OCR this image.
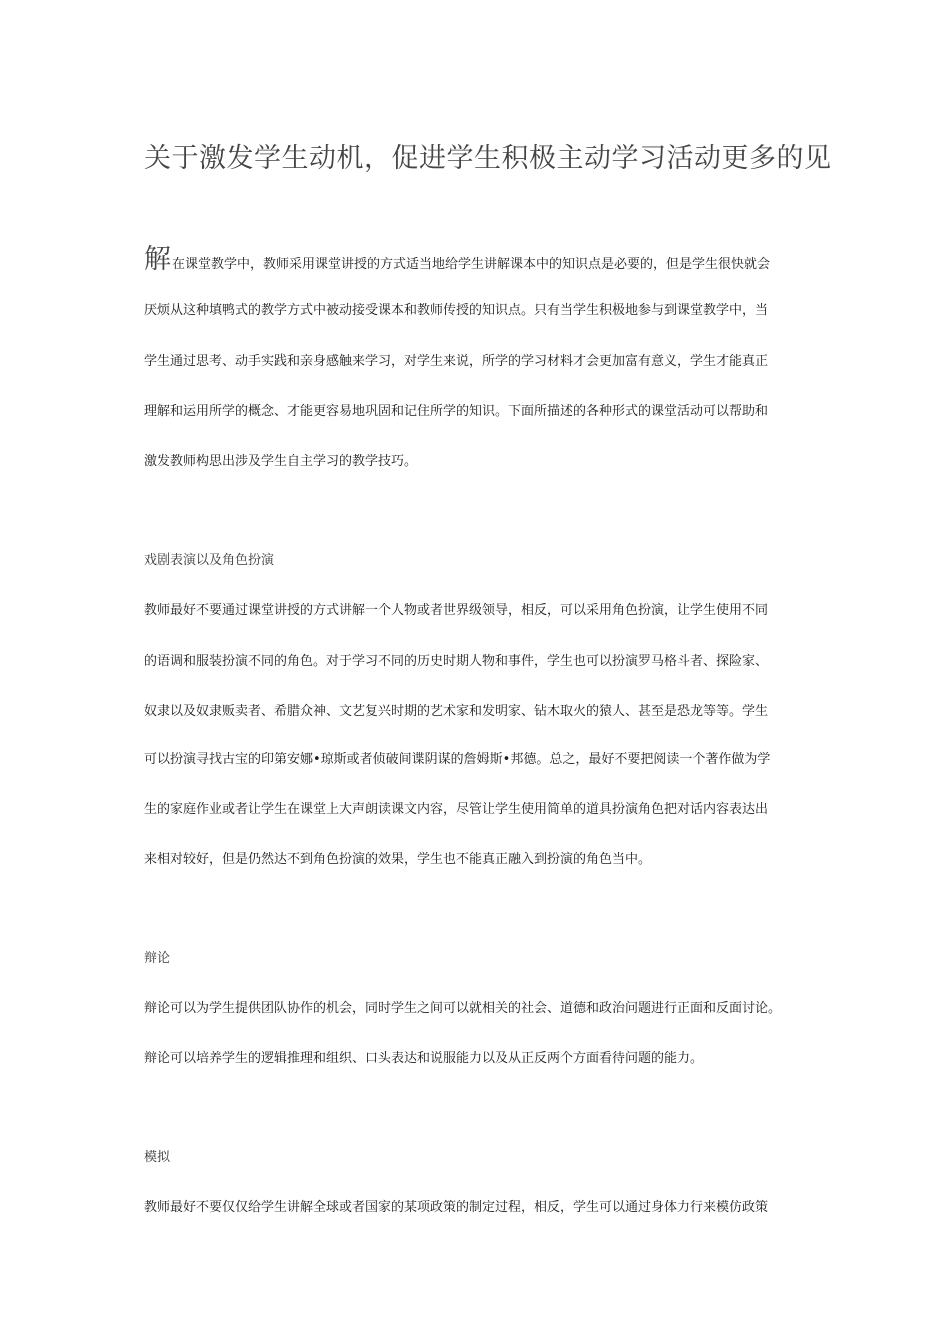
关于激发学生动机，促进学生积极主动学习活动更多的见
解在课堂教学中，教师采用课堂讲授的方式适当地给学生讲解课本中的知识点是必要的，但是学生很快就会
厌烦从这种填鸭式的教学方式中被动接受课本和教师传授的知识点。只有当学生积极地参与到课堂教学中，当
学生通过思考、动手实践和亲身感触来学习，对学生来说，所学的学习材料才会更加富有意义，学生才能真正
理解和运用所学的概念、才能更容易地巩固和记住所学的知识。下面所描述的各种形式的课堂活动可以帮助和
激发教师构思出涉及学生自主学习的教学技巧。
戏剧表演以及角色扮演
教师最好不要通过课堂讲授的方式讲解一个人物或者世界级领导，相反，可以采用角色扮演，让学生使用不同
的语调和服装扮演不同的角色。对于学习不同的历史时期人物和事件，学生也可以扮演罗马格斗者、探险家、
奴隶以及奴隶贩卖者、希腊众神、文艺复兴时期的艺术家和发明家、钻木取火的猿人、甚至是恐龙等等。学生
可以扮演寻找古宝的印第安娜•琼斯或者侦破间谍阴谋的詹姆斯•邦德。总之，最好不要把阅读一个著作做为学
生的家庭作业或者让学生在课堂上大声朗读课文内容，尽管让学生使用简单的道具扮演角色把对话内容表达出
来相对较好，但是仍然达不到角色扮演的效果，学生也不能真正融入到扮演的角色当中。
辩论
辩论可以为学生提供团队协作的机会，同时学生之间可以就相关的社会、道德和政治问题进行正面和反面讨论。
辩论可以培养学生的逻辑推理和组织、口头表达和说服能力以及从正反两个方面看待问题的能力。
模拟
教师最好不要仅仅给学生讲解全球或者国家的某项政策的制定过程，相反，学生可以通过身体力行来模仿政策
